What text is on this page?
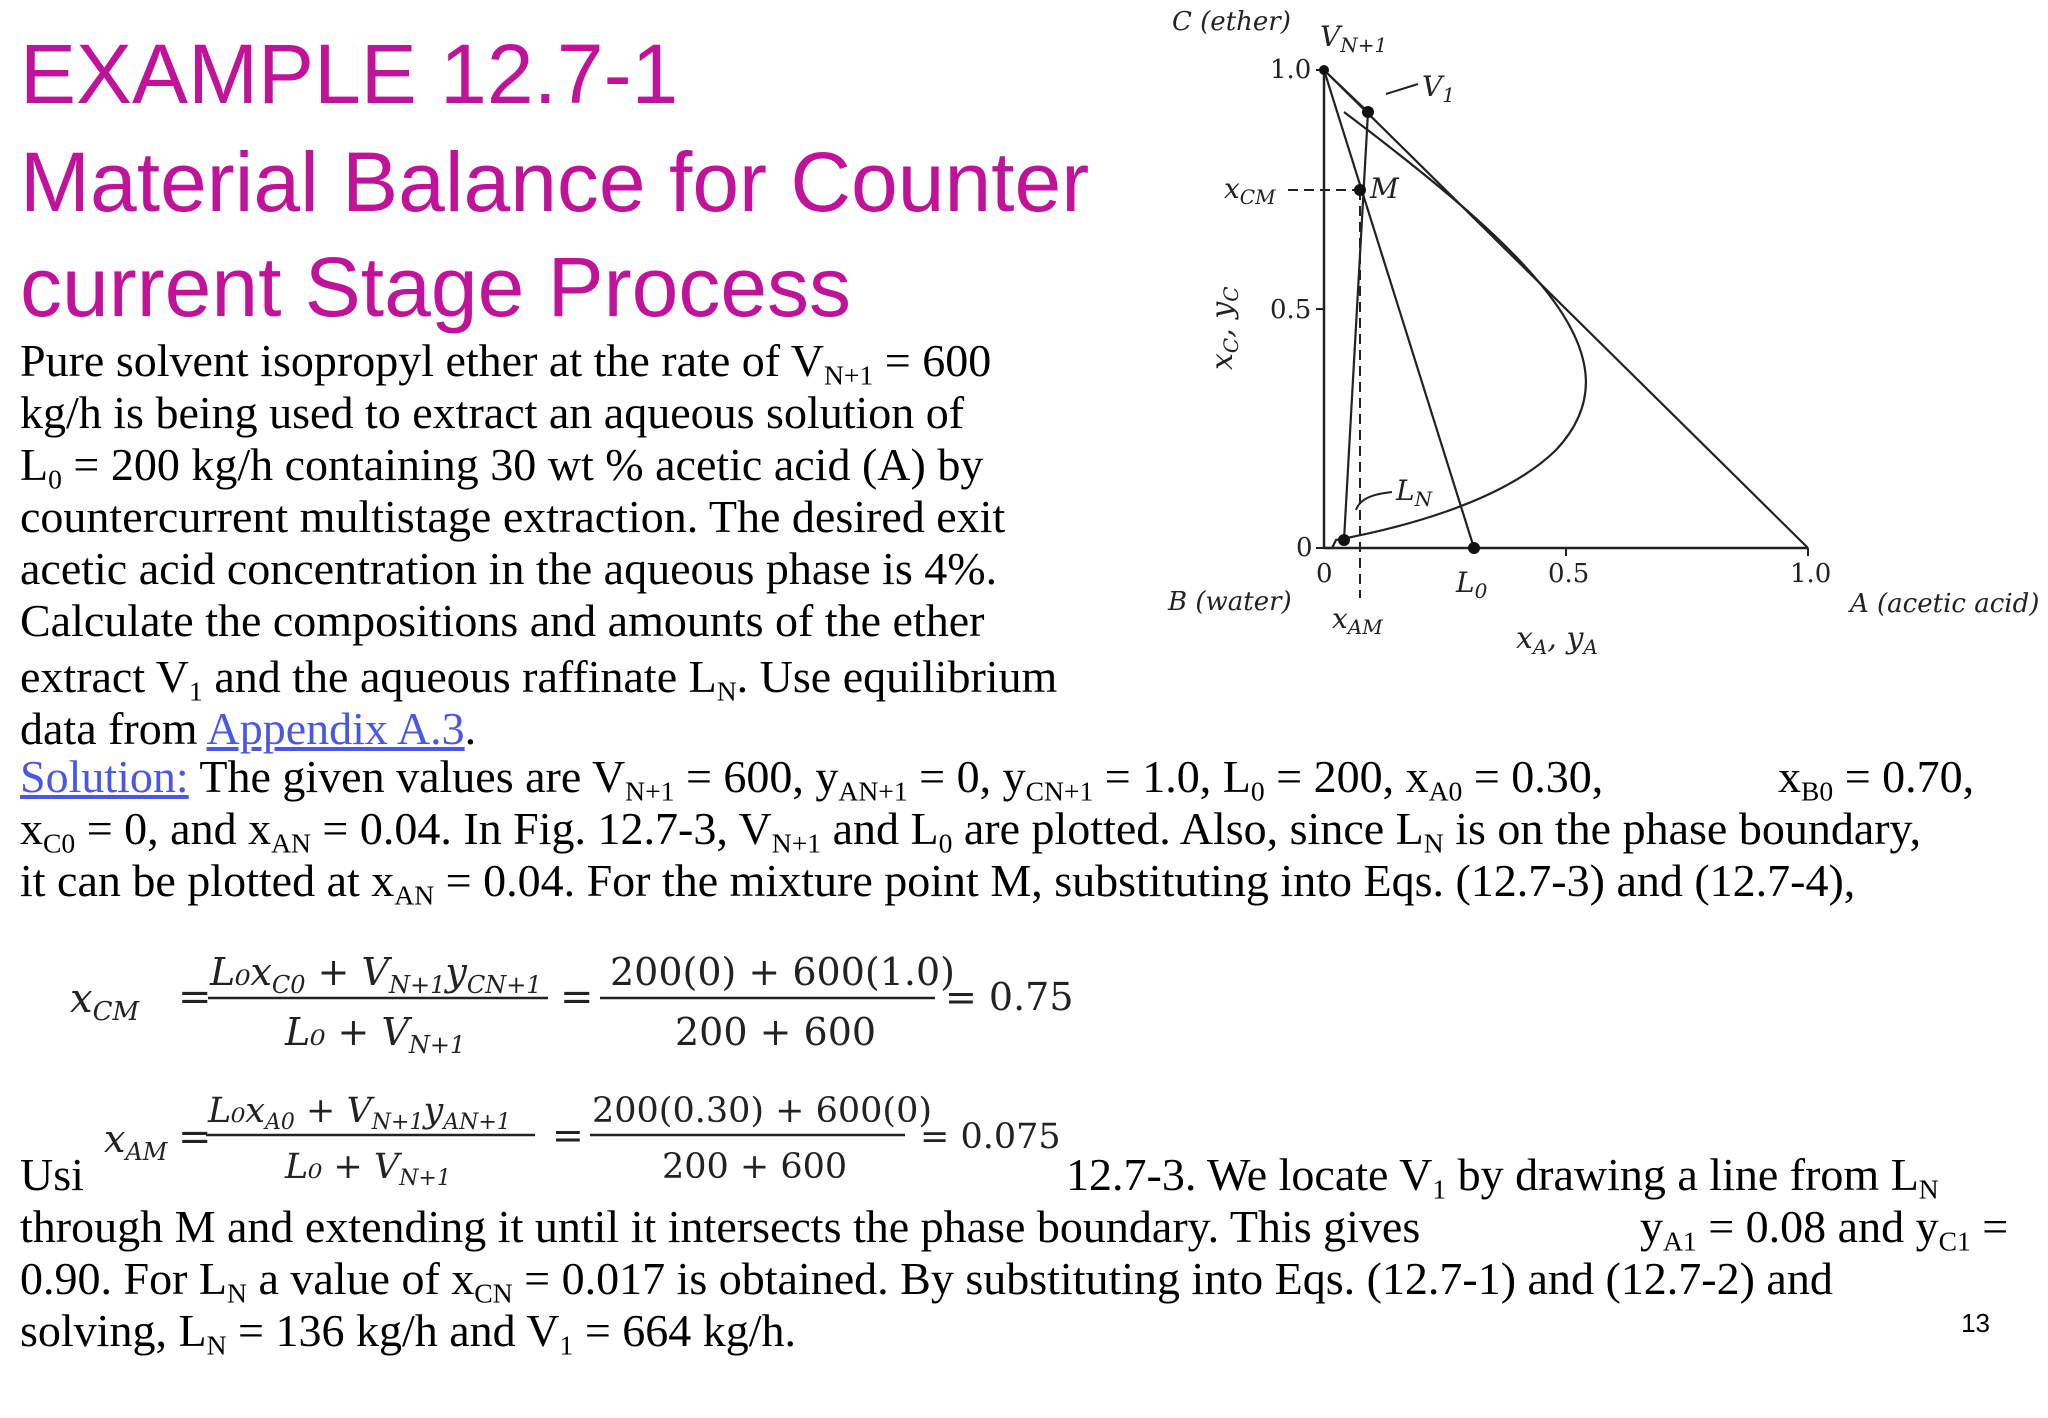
EXAMPLE 12.7-1
Material Balance for Counter
current Stage Process
Pure solvent isopropyl ether at the rate of $V_{N+1} = 600$
kg/h is being used to extract an aqueous solution of
$L_0 = 200$ kg/h containing 30 wt % acetic acid (A) by
countercurrent multistage extraction. The desired exit
acetic acid concentration in the aqueous phase is 4%.
Calculate the compositions and amounts of the ether
extract $V_1$ and the aqueous raffinate $L_N$. Use equilibrium
data from Appendix A.3.
Solution: The given values are $V_{N+1} = 600$, $y_{AN+1} = 0$, $y_{CN+1} = 1.0$, $L_0 = 200$, $x_{A0} = 0.30$,	$x_{B0} = 0.70$,
$x_{C0} = 0$, and $x_{AN} = 0.04$. In Fig. 12.7-3, $V_{N+1}$ and $L_0$ are plotted. Also, since $L_N$ is on the phase boundary,
it can be plotted at $x_{AN} = 0.04$. For the mixture point M, substituting into Eqs. (12.7-3) and (12.7-4),
$x_{CM}$ =
$L_0x_{C0} + V_{N+1}y_{CN+1}$
$L_0 + V_{N+1}$
=
200(0) + 600(1.0)
200 + 600
= 0.75
$x_{AM}$ =
$L_0x_{A0} + V_{N+1}y_{AN+1}$
$L_0 + V_{N+1}$
=
200(0.30) + 600(0)
200 + 600
= 0.075
Usi	12.7-3. We locate $V_1$ by drawing a line from $L_N$
through M and extending it until it intersects the phase boundary. This gives	$y_{A1} = 0.08$ and $y_{C1}$ =
0.90. For $L_N$ a value of $x_{CN} = 0.017$ is obtained. By substituting into Eqs. (12.7-1) and (12.7-2) and
solving, $L_N = 136$ kg/h and $V_1 = 664$ kg/h.	13
C (ether)
B (water)	A (acetic acid)
1.0
0.5
0
0	0.5	1.0
$x_C$, $y_C$
$x_A$, $y_A$
$V_{N+1}$
$V_1$
M
$L_N$
$L_0$
$x_{CM}$
$x_{AM}$
